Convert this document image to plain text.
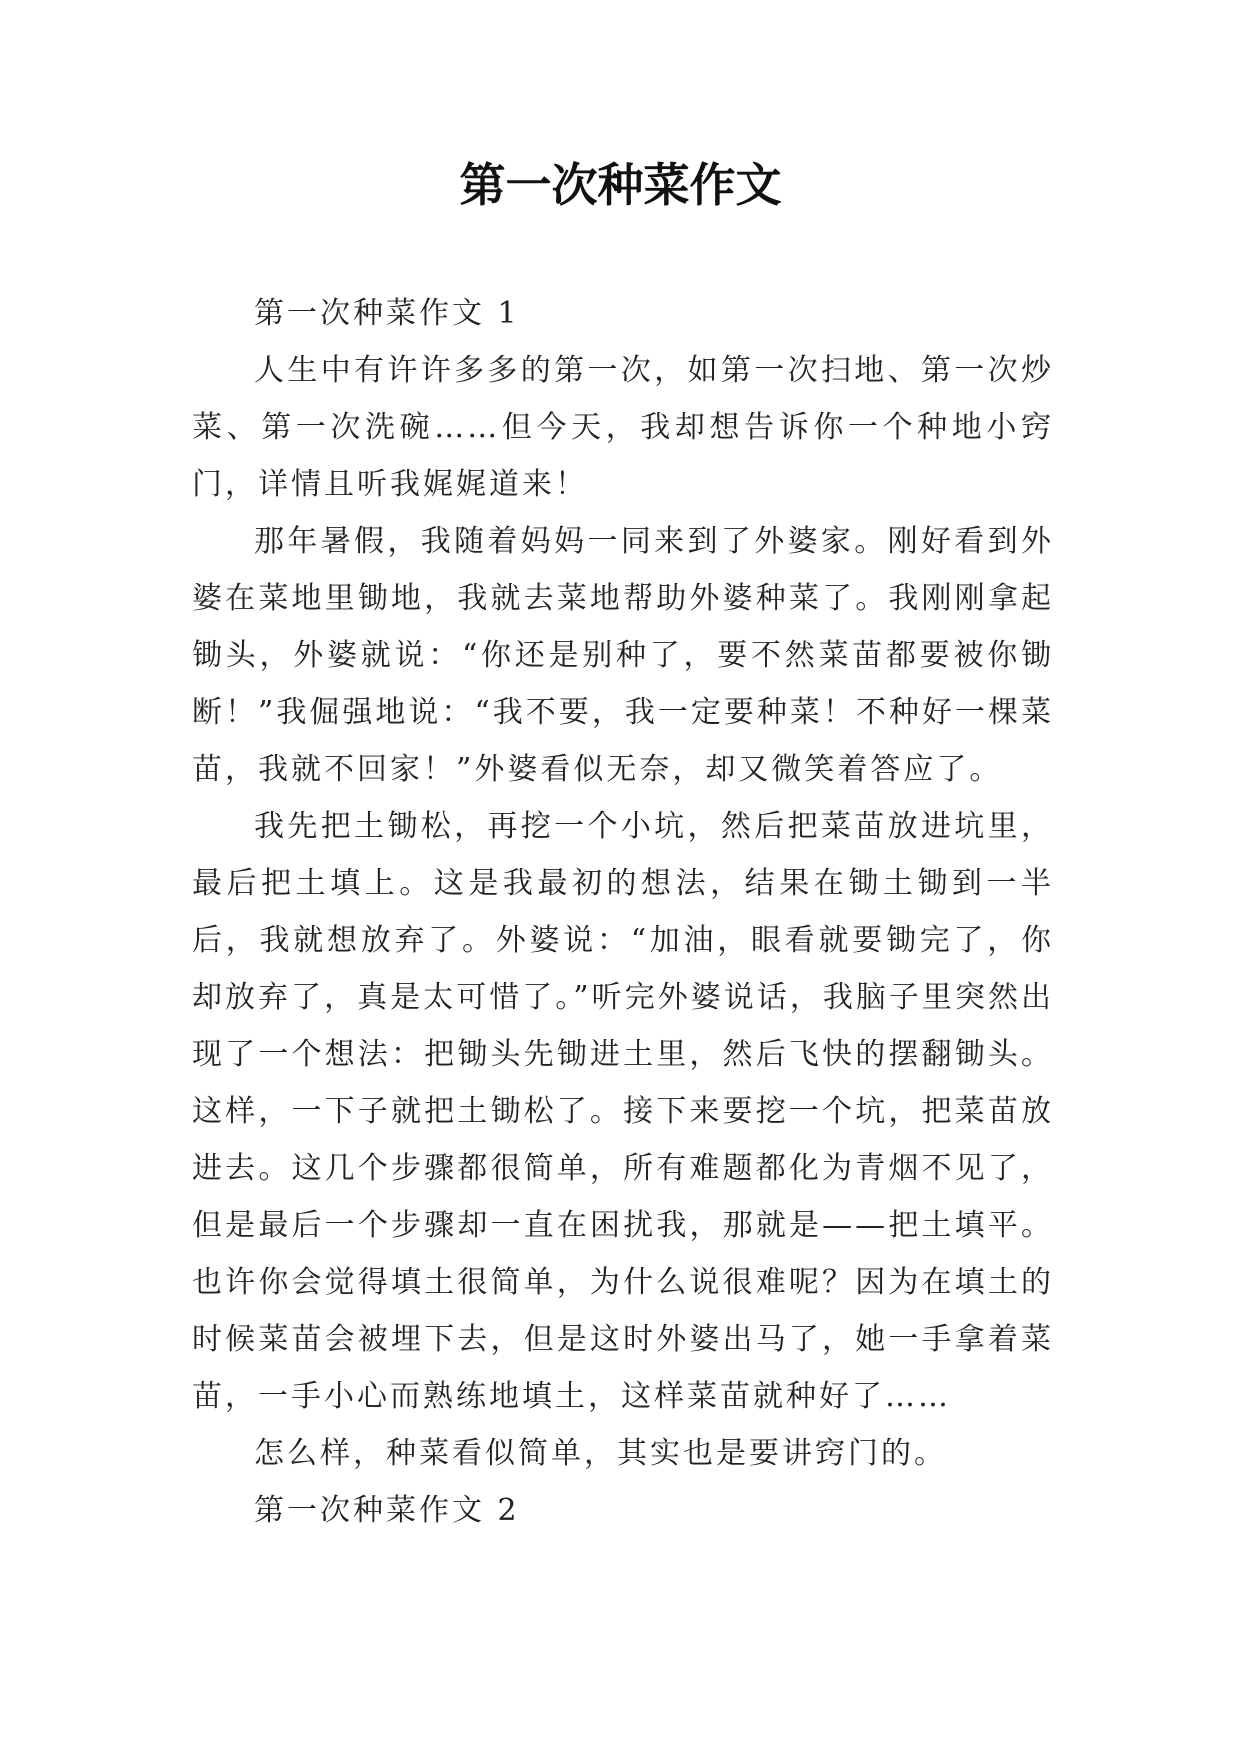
第一次种菜作文
第一次种菜作文 1

人生中有许许多多的第一次，如第一次扫地、第一次炒菜、第一次洗碗……但今天，我却想告诉你一个种地小窍门，详情且听我娓娓道来！

那年暑假，我随着妈妈一同来到了外婆家。刚好看到外婆在菜地里锄地，我就去菜地帮助外婆种菜了。我刚刚拿起锄头，外婆就说：“你还是别种了，要不然菜苗都要被你锄断！”我倔强地说：“我不要，我一定要种菜！不种好一棵菜苗，我就不回家！”外婆看似无奈，却又微笑着答应了。

我先把土锄松，再挖一个小坑，然后把菜苗放进坑里，最后把土填上。这是我最初的想法，结果在锄土锄到一半后，我就想放弃了。外婆说：“加油，眼看就要锄完了，你却放弃了，真是太可惜了。”听完外婆说话，我脑子里突然出现了一个想法：把锄头先锄进土里，然后飞快的摆翻锄头。这样，一下子就把土锄松了。接下来要挖一个坑，把菜苗放进去。这几个步骤都很简单，所有难题都化为青烟不见了，但是最后一个步骤却一直在困扰我，那就是——把土填平。也许你会觉得填土很简单，为什么说很难呢？因为在填土的时候菜苗会被埋下去，但是这时外婆出马了，她一手拿着菜苗，一手小心而熟练地填土，这样菜苗就种好了……

怎么样，种菜看似简单，其实也是要讲窍门的。

第一次种菜作文 2
